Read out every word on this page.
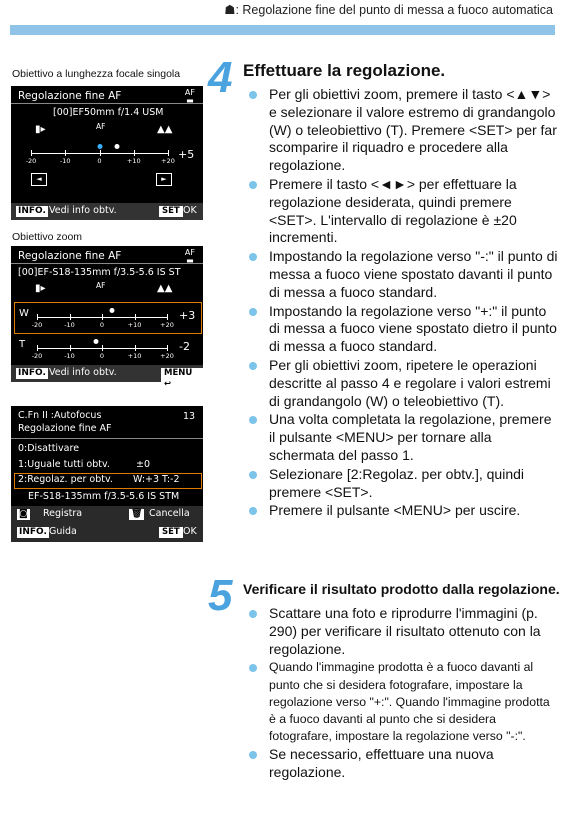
☗: Regolazione fine del punto di messa a fuoco automatica
Obiettivo a lunghezza focale singola
Obiettivo zoom
Regolazione fine AF	AF
▬
[00]EF50mm f/1.4 USM
▮▸	AF	▲▲
-20	-10	0	+10	+20 +5
◄	►
INFO. Vedi info obtv.	SET OK
Regolazione fine AF	AF
▬
[00]EF-S18-135mm f/3.5-5.6 IS ST
▮▸	AF	▲▲
W
-20	-10	0	+10	+20
+3
T
-20	-10	0	+10	+20
-2
INFO. Vedi info obtv.	MENU ↩
C.Fn II :Autofocus
Regolazione fine AF
13
0:Disattivare
1:Uguale tutti obtv.	±0
2:Regolaz. per obtv. W:+3 T:-2
EF-S18-135mm f/3.5-5.6 IS STM
◙ Registra	🗑 Cancella
INFO. Guida	SET OK
4 Effettuare la regolazione.
Per gli obiettivi zoom, premere il tasto <▲▼> e selezionare il valore estremo di grandangolo (W) o teleobiettivo (T). Premere <SET> per far scomparire il riquadro e procedere alla regolazione.
Premere il tasto <◄►> per effettuare la regolazione desiderata, quindi premere <SET>. L'intervallo di regolazione è ±20 incrementi.
Impostando la regolazione verso "-:" il punto di messa a fuoco viene spostato davanti il punto di messa a fuoco standard.
Impostando la regolazione verso "+:" il punto di messa a fuoco viene spostato dietro il punto di messa a fuoco standard.
Per gli obiettivi zoom, ripetere le operazioni descritte al passo 4 e regolare i valori estremi di grandangolo (W) o teleobiettivo (T).
Una volta completata la regolazione, premere il pulsante <MENU> per tornare alla schermata del passo 1.
Selezionare [2:Regolaz. per obtv.], quindi premere <SET>.
Premere il pulsante <MENU> per uscire.
5 Verificare il risultato prodotto dalla regolazione.
Scattare una foto e riprodurre l'immagini (p. 290) per verificare il risultato ottenuto con la regolazione.
Quando l'immagine prodotta è a fuoco davanti al punto che si desidera fotografare, impostare la regolazione verso "+:". Quando l'immagine prodotta è a fuoco davanti al punto che si desidera fotografare, impostare la regolazione verso "-:".
Se necessario, effettuare una nuova regolazione.
